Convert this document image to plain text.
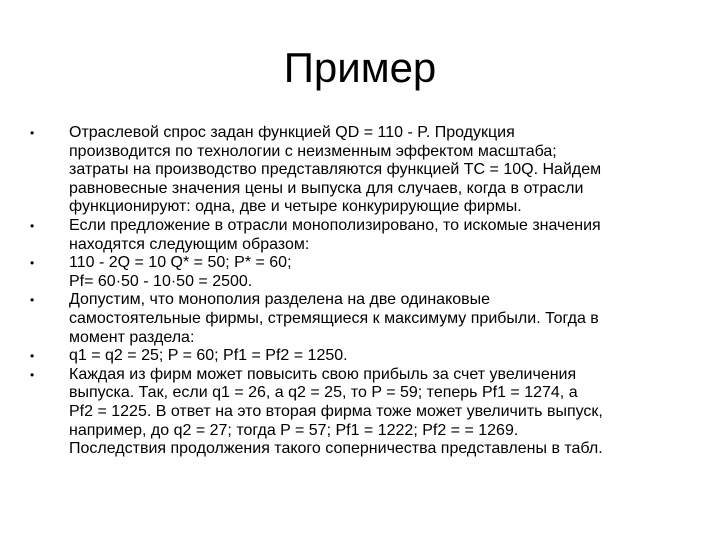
Пример
•	Отраслевой спрос задан функцией QD = 110 - P. Продукция
производится по технологии с неизменным эффектом масштаба;
затраты на производство представляются функцией TC = 10Q. Найдем
равновесные значения цены и выпуска для случаев, когда в отрасли
функционируют: одна, две и четыре конкурирующие фирмы.
•	Если предложение в отрасли монополизировано, то искомые значения
находятся следующим образом:
•	110 - 2Q = 10 Q* = 50; P* = 60;
Pf= 60·50 - 10·50 = 2500.
•	Допустим, что монополия разделена на две одинаковые
самостоятельные фирмы, стремящиеся к максимуму прибыли. Тогда в
момент раздела:
•	q1 = q2 = 25; P = 60; Pf1 = Pf2 = 1250.
•	Каждая из фирм может повысить свою прибыль за счет увеличения
выпуска. Так, если q1 = 26, а q2 = 25, то P = 59; теперь Pf1 = 1274, а
Pf2 = 1225. В ответ на это вторая фирма тоже может увеличить выпуск,
например, до q2 = 27; тогда P = 57; Pf1 = 1222; Pf2 = = 1269.
Последствия продолжения такого соперничества представлены в табл.
